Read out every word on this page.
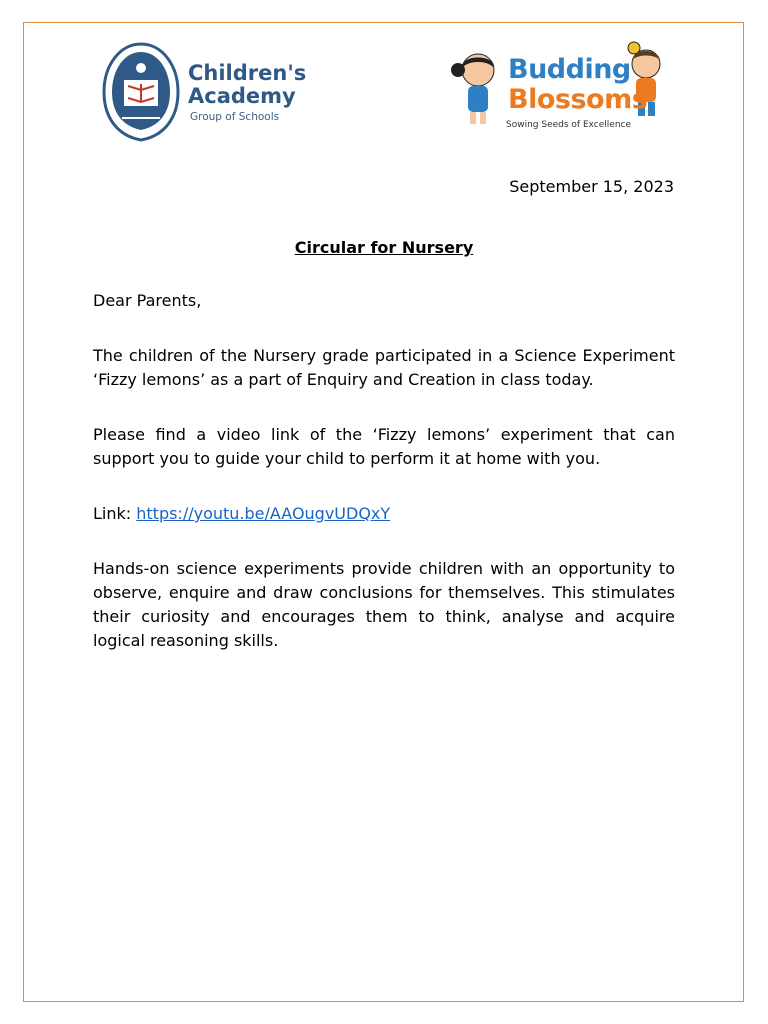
Children's
Academy
Group of Schools
Budding
Blossoms
Sowing Seeds of Excellence
September 15, 2023
Circular for Nursery

Dear Parents,

The children of the Nursery grade participated in a Science Experiment ‘Fizzy lemons’ as a part of Enquiry and Creation in class today.

Please find a video link of the ‘Fizzy lemons’ experiment that can support you to guide your child to perform it at home with you.

Link: https://youtu.be/AAOugvUDQxY

Hands-on science experiments provide children with an opportunity to observe, enquire and draw conclusions for themselves. This stimulates their curiosity and encourages them to think, analyse and acquire logical reasoning skills.
